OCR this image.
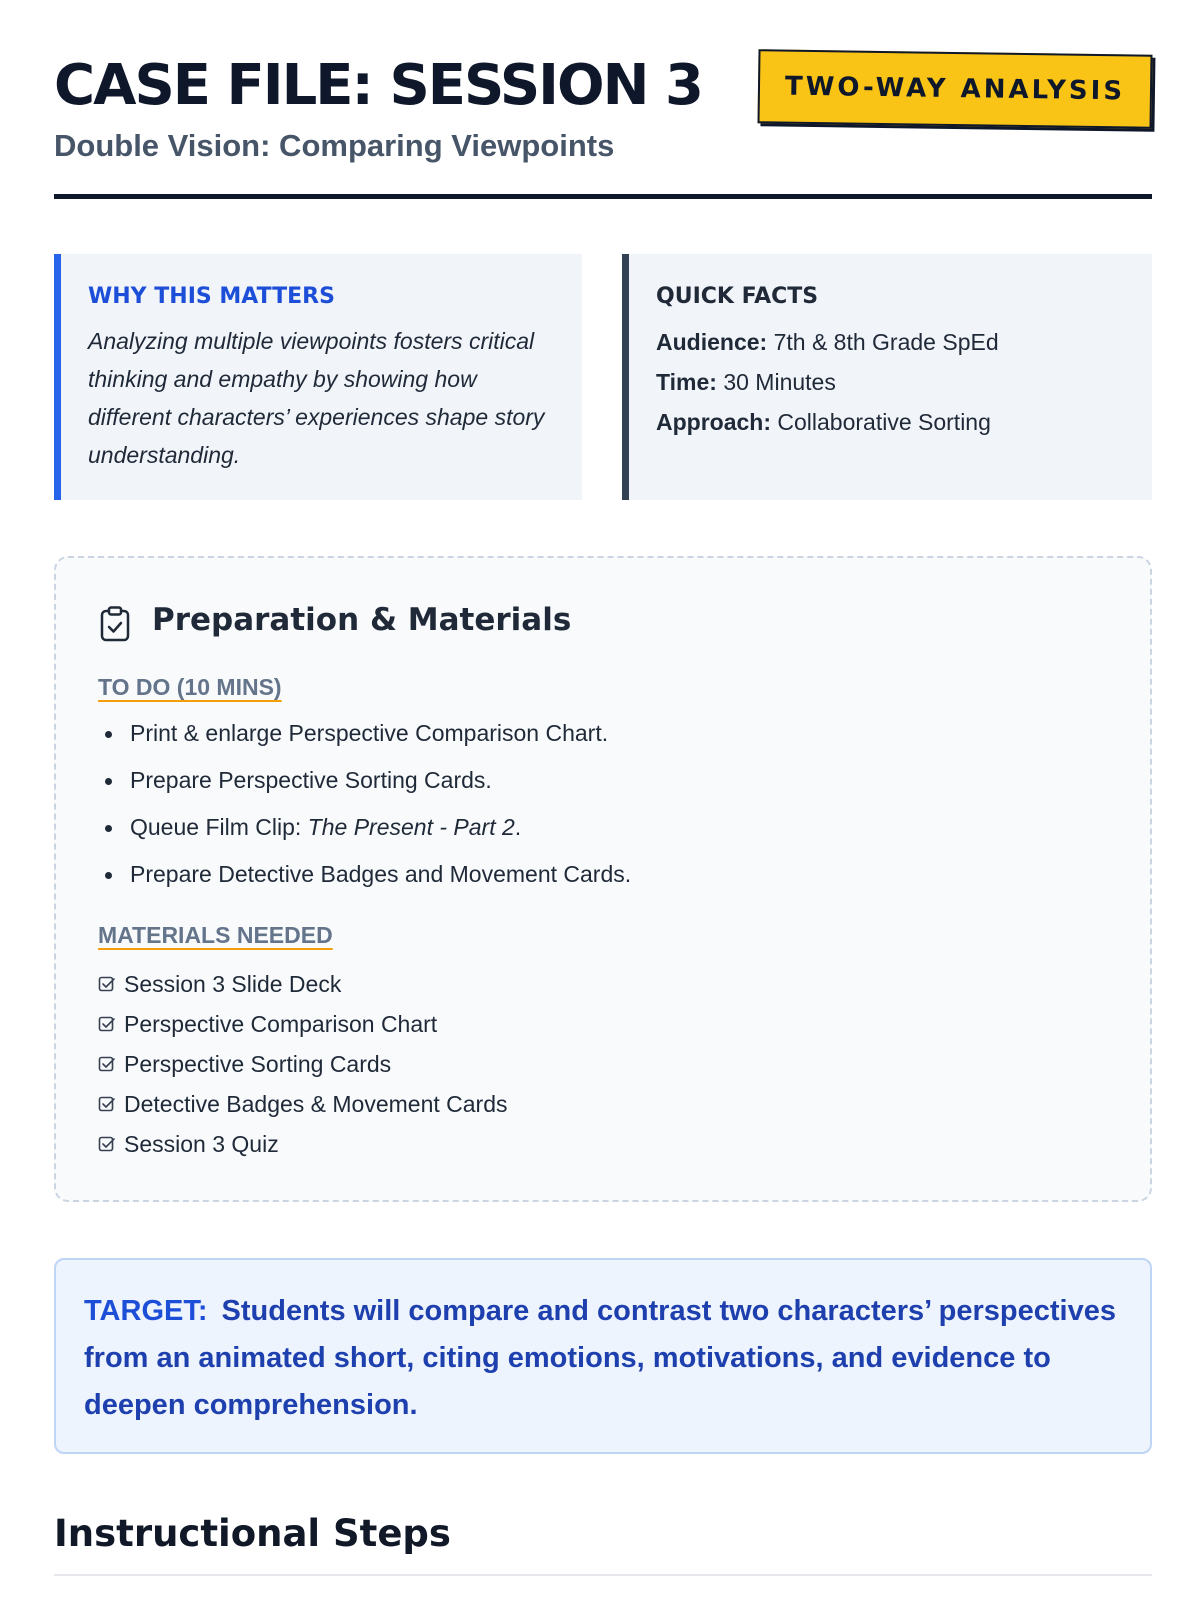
CASE FILE: SESSION 3
Double Vision: Comparing Viewpoints
TWO-WAY ANALYSIS
WHY THIS MATTERS

Analyzing multiple viewpoints fosters critical thinking and empathy by showing how different characters’ experiences shape story understanding.

QUICK FACTS
Audience: 7th & 8th Grade SpEd
Time: 30 Minutes
Approach: Collaborative Sorting
Preparation & Materials
TO DO (10 MINS)
Print & enlarge Perspective Comparison Chart.
Prepare Perspective Sorting Cards.
Queue Film Clip: The Present - Part 2.
Prepare Detective Badges and Movement Cards.
MATERIALS NEEDED
Session 3 Slide Deck
Perspective Comparison Chart
Perspective Sorting Cards
Detective Badges & Movement Cards
Session 3 Quiz

TARGET: Students will compare and contrast two characters’ perspectives from an animated short, citing emotions, motivations, and evidence to deepen comprehension.

Instructional Steps
